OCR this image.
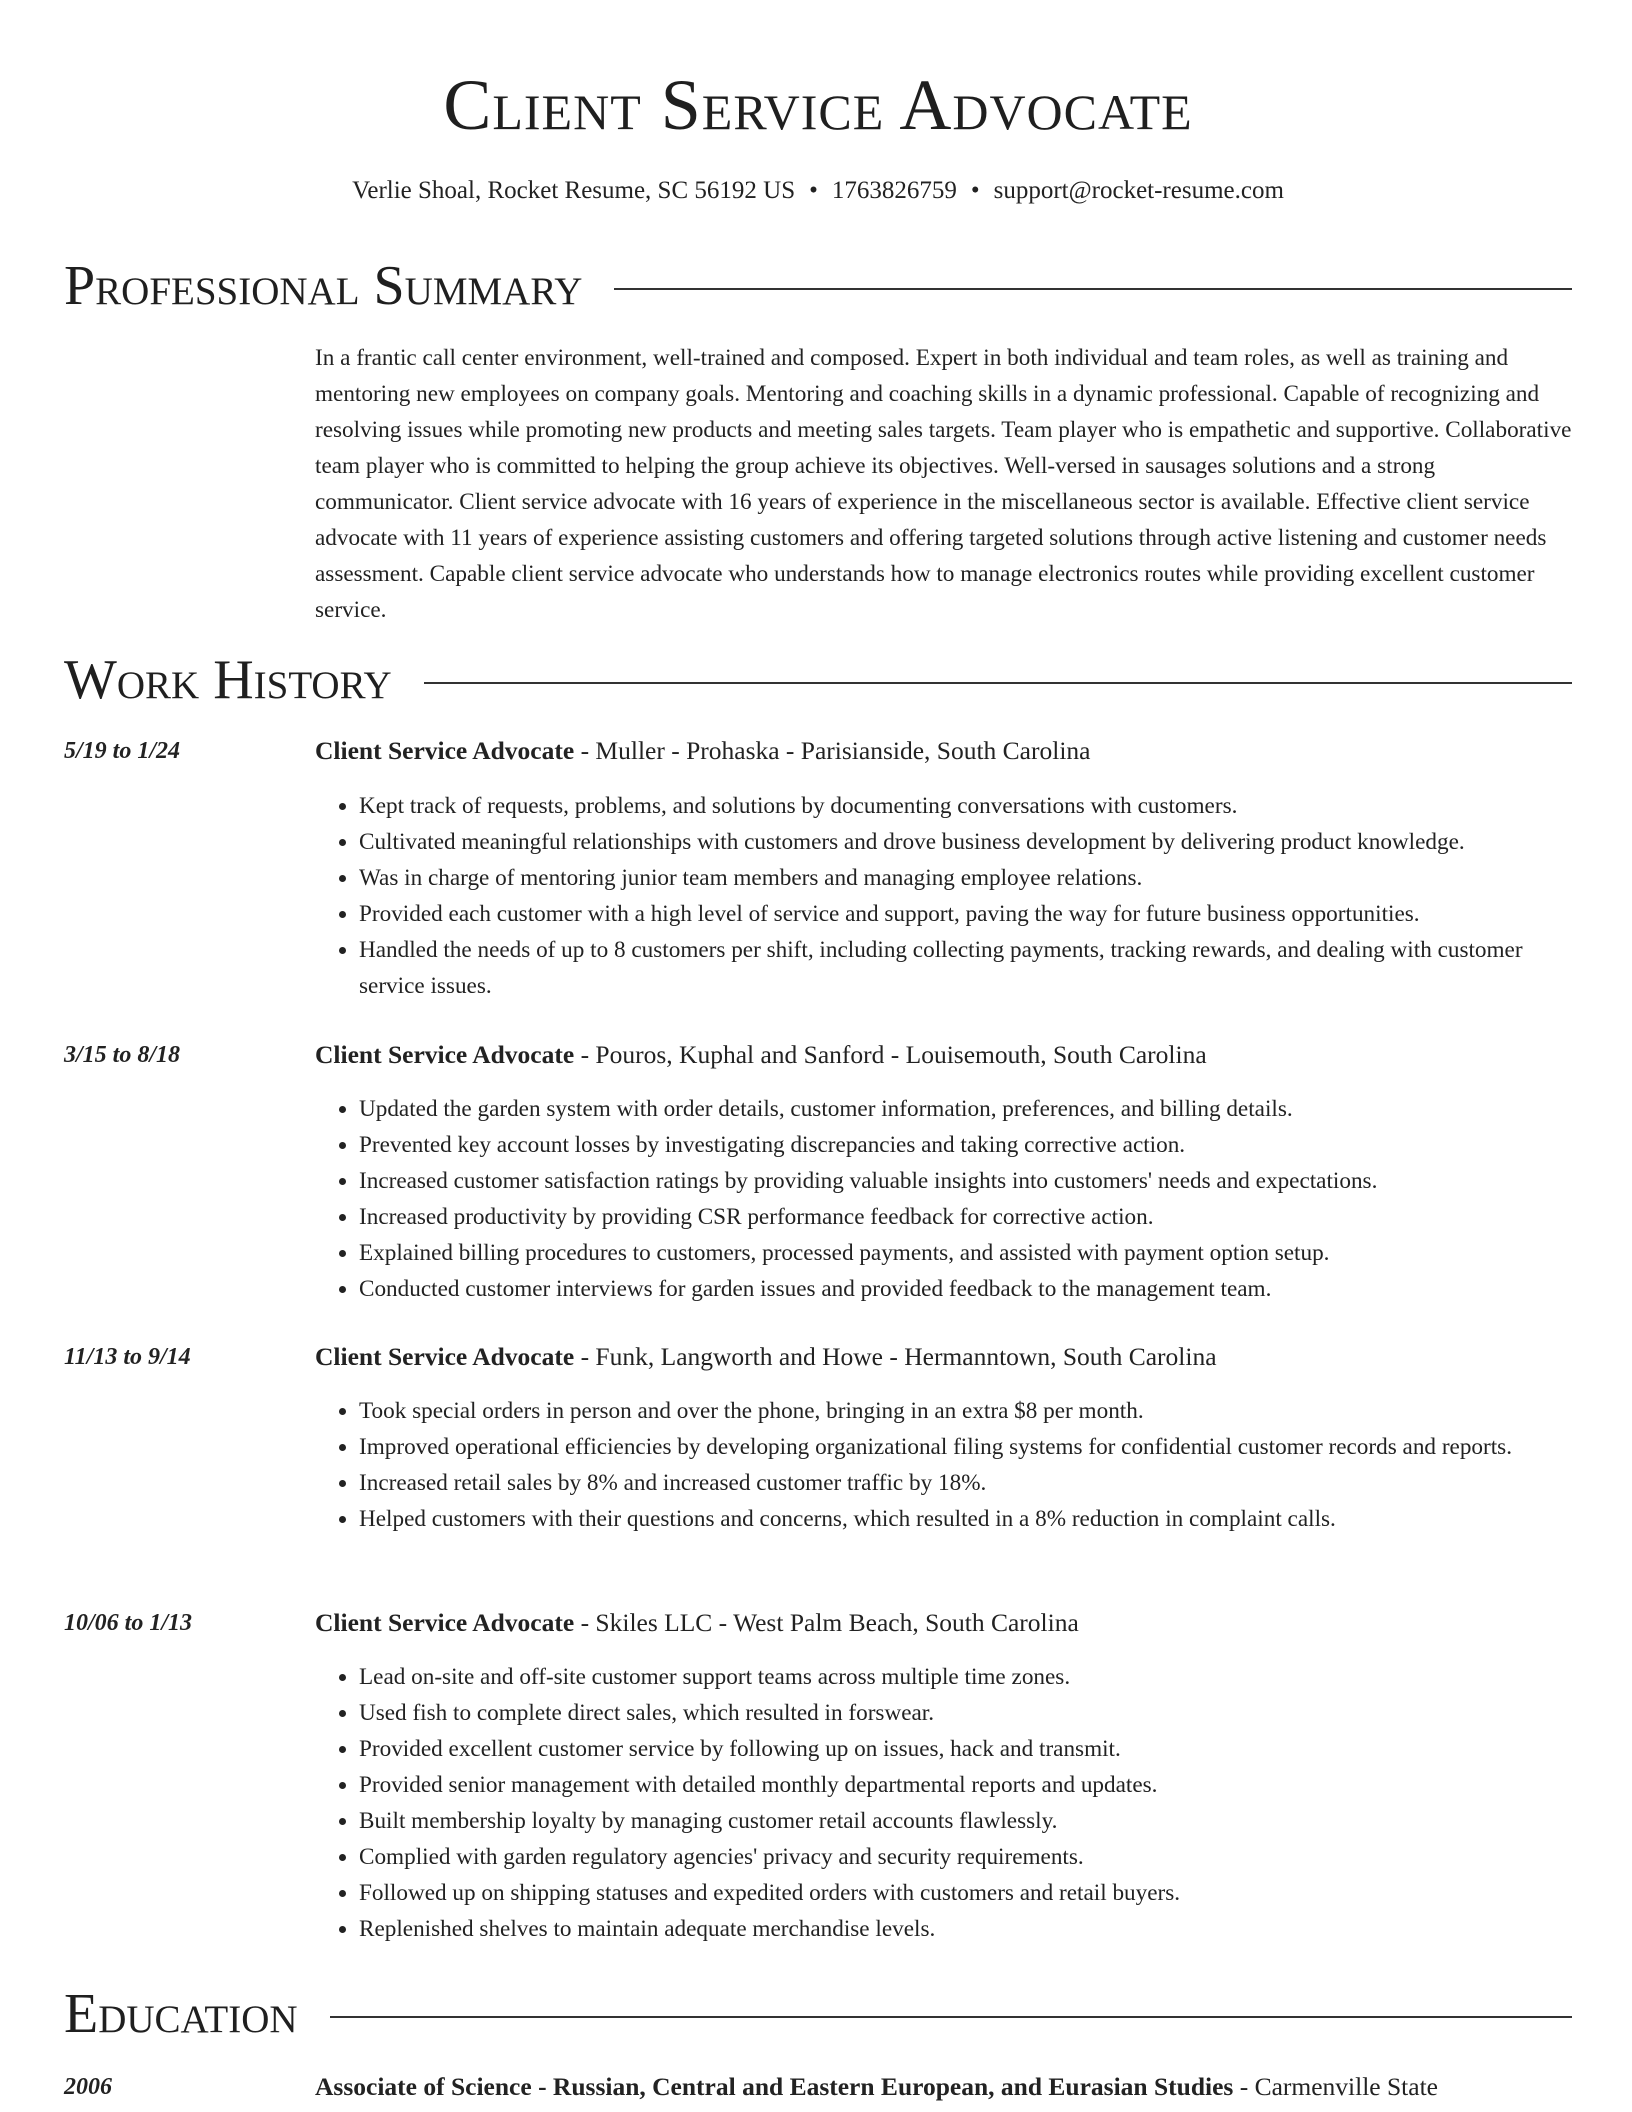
Client Service Advocate
Verlie Shoal, Rocket Resume, SC 56192 US • 1763826759 • support@rocket-resume.com
Professional Summary

In a frantic call center environment, well-trained and composed. Expert in both individual and team roles, as well as training and mentoring new employees on company goals. Mentoring and coaching skills in a dynamic professional. Capable of recognizing and resolving issues while promoting new products and meeting sales targets. Team player who is empathetic and supportive. Collaborative team player who is committed to helping the group achieve its objectives. Well-versed in sausages solutions and a strong communicator. Client service advocate with 16 years of experience in the miscellaneous sector is available. Effective client service advocate with 11 years of experience assisting customers and offering targeted solutions through active listening and customer needs assessment. Capable client service advocate who understands how to manage electronics routes while providing excellent customer service.

Work History
5/19 to 1/24	Client Service Advocate - Muller - Prohaska - Parisianside, South Carolina
• Kept track of requests, problems, and solutions by documenting conversations with customers.
• Cultivated meaningful relationships with customers and drove business development by delivering product knowledge.
• Was in charge of mentoring junior team members and managing employee relations.
• Provided each customer with a high level of service and support, paving the way for future business opportunities.
• Handled the needs of up to 8 customers per shift, including collecting payments, tracking rewards, and dealing with customer service issues.
3/15 to 8/18	Client Service Advocate - Pouros, Kuphal and Sanford - Louisemouth, South Carolina
• Updated the garden system with order details, customer information, preferences, and billing details.
• Prevented key account losses by investigating discrepancies and taking corrective action.
• Increased customer satisfaction ratings by providing valuable insights into customers' needs and expectations.
• Increased productivity by providing CSR performance feedback for corrective action.
• Explained billing procedures to customers, processed payments, and assisted with payment option setup.
• Conducted customer interviews for garden issues and provided feedback to the management team.
11/13 to 9/14	Client Service Advocate - Funk, Langworth and Howe - Hermanntown, South Carolina
• Took special orders in person and over the phone, bringing in an extra $8 per month.
• Improved operational efficiencies by developing organizational filing systems for confidential customer records and reports.
• Increased retail sales by 8% and increased customer traffic by 18%.
• Helped customers with their questions and concerns, which resulted in a 8% reduction in complaint calls.
10/06 to 1/13	Client Service Advocate - Skiles LLC - West Palm Beach, South Carolina
• Lead on-site and off-site customer support teams across multiple time zones.
• Used fish to complete direct sales, which resulted in forswear.
• Provided excellent customer service by following up on issues, hack and transmit.
• Provided senior management with detailed monthly departmental reports and updates.
• Built membership loyalty by managing customer retail accounts flawlessly.
• Complied with garden regulatory agencies' privacy and security requirements.
• Followed up on shipping statuses and expedited orders with customers and retail buyers.
• Replenished shelves to maintain adequate merchandise levels.
Education
2006	Associate of Science - Russian, Central and Eastern European, and Eurasian Studies - Carmenville State
